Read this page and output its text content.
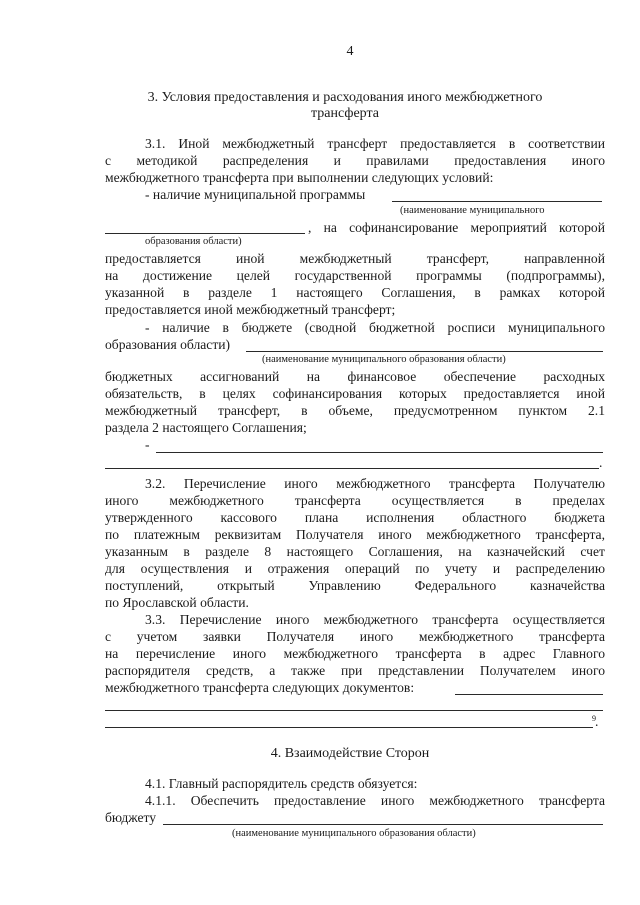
4
3. Условия предоставления и расходования иного межбюджетного
трансферта
3.1. Иной межбюджетный трансферт предоставляется в соответствии
с методикой распределения и правилами предоставления иного
межбюджетного трансферта при выполнении следующих условий:
- наличие муниципальной программы
(наименование муниципального
, на софинансирование мероприятий которой
образования области)
предоставляется иной межбюджетный трансферт, направленной
на достижение целей государственной программы (подпрограммы),
указанной в разделе 1 настоящего Соглашения, в рамках которой
предоставляется иной межбюджетный трансферт;
- наличие в бюджете (сводной бюджетной росписи муниципального
образования области)
(наименование муниципального образования области)
бюджетных ассигнований на финансовое обеспечение расходных
обязательств, в целях софинансирования которых предоставляется иной
межбюджетный трансферт, в объеме, предусмотренном пунктом 2.1
раздела 2 настоящего Соглашения;
-
.
3.2. Перечисление иного межбюджетного трансферта Получателю
иного межбюджетного трансферта осуществляется в пределах
утвержденного кассового плана исполнения областного бюджета
по платежным реквизитам Получателя иного межбюджетного трансферта,
указанным в разделе 8 настоящего Соглашения, на казначейский счет
для осуществления и отражения операций по учету и распределению
поступлений, открытый Управлению Федерального казначейства
по Ярославской области.
3.3. Перечисление иного межбюджетного трансферта осуществляется
с учетом заявки Получателя иного межбюджетного трансферта
на перечисление иного межбюджетного трансферта в адрес Главного
распорядителя средств, а также при представлении Получателем иного
межбюджетного трансферта следующих документов:
9 .
4. Взаимодействие Сторон
4.1. Главный распорядитель средств обязуется:
4.1.1. Обеспечить предоставление иного межбюджетного трансферта
бюджету
(наименование муниципального образования области)
